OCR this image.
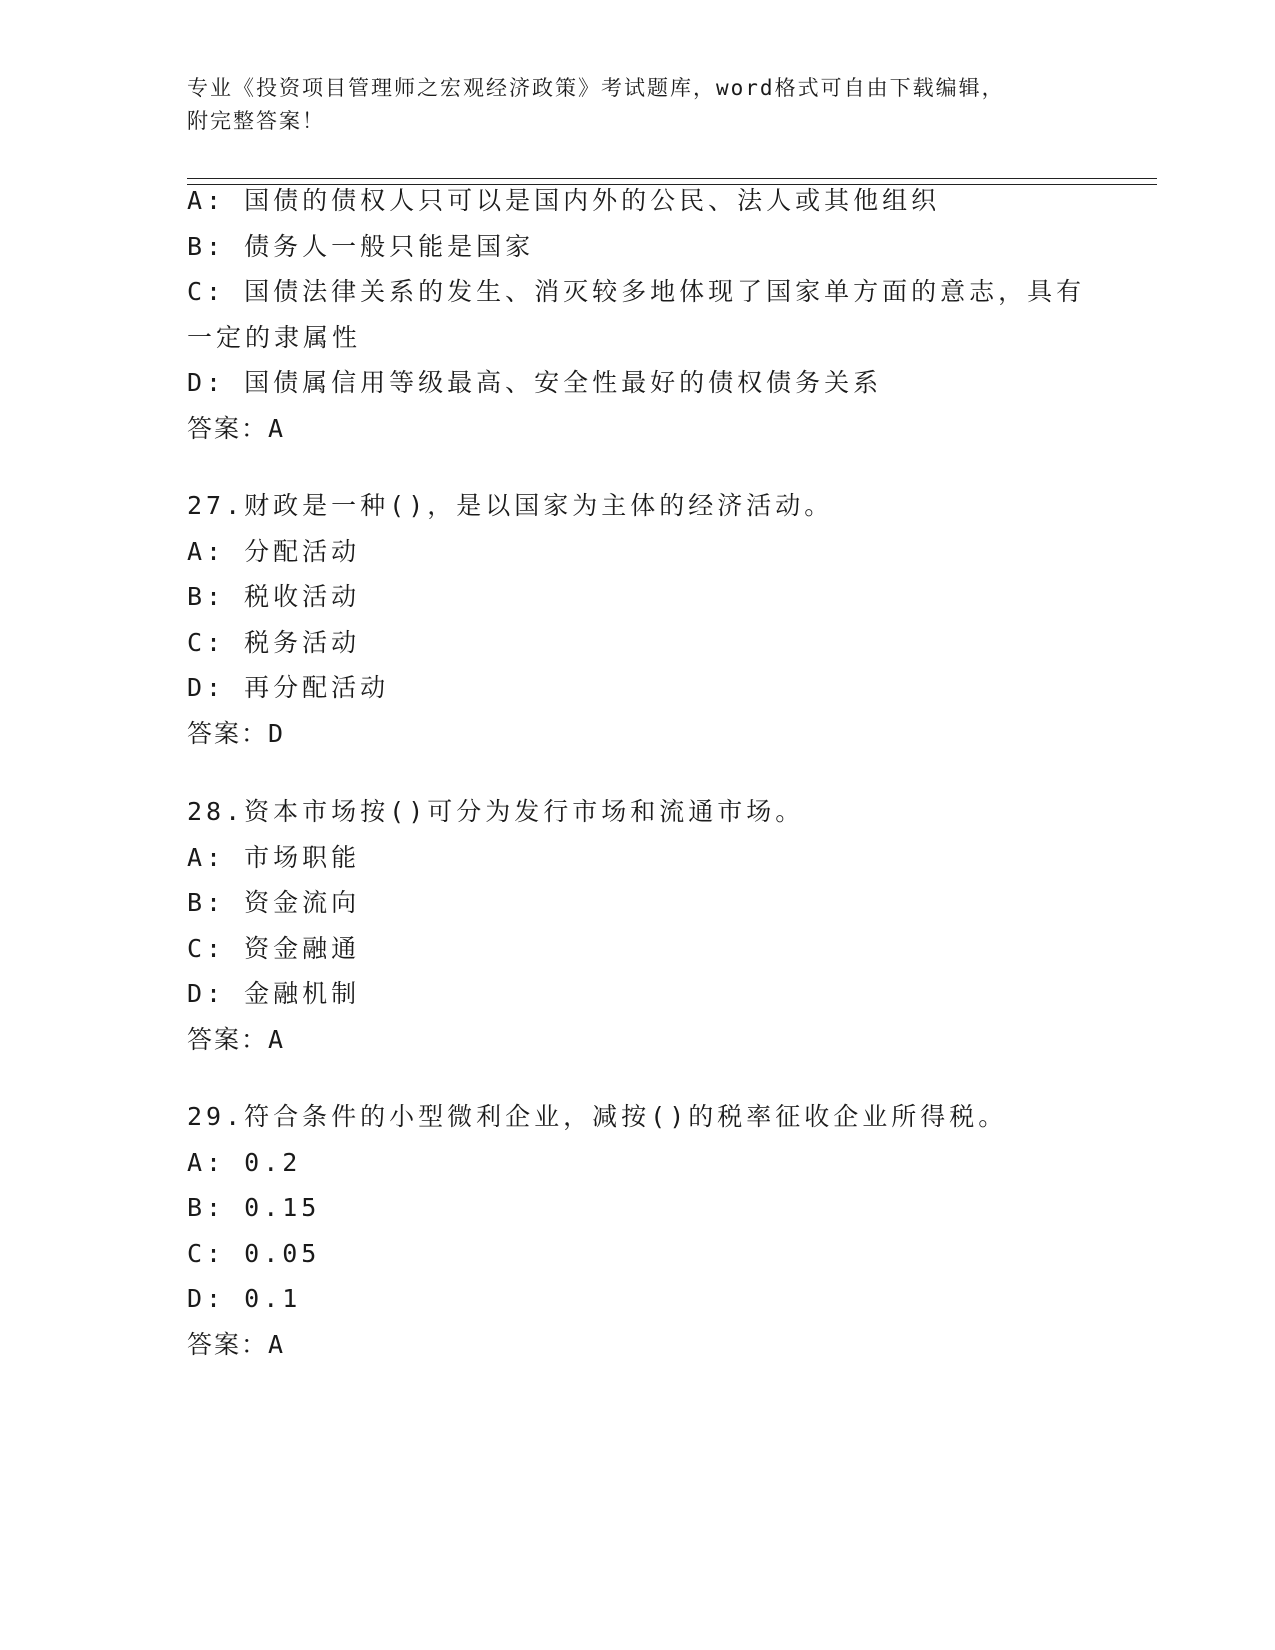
专业《投资项目管理师之宏观经济政策》考试题库，word格式可自由下载编辑，
附完整答案！
A: 国债的债权人只可以是国内外的公民、法人或其他组织
B: 债务人一般只能是国家
C: 国债法律关系的发生、消灭较多地体现了国家单方面的意志，具有
一定的隶属性
D: 国债属信用等级最高、安全性最好的债权债务关系
答案：A
27.财政是一种()，是以国家为主体的经济活动。
A: 分配活动
B: 税收活动
C: 税务活动
D: 再分配活动
答案：D
28.资本市场按()可分为发行市场和流通市场。
A: 市场职能
B: 资金流向
C: 资金融通
D: 金融机制
答案：A
29.符合条件的小型微利企业，减按()的税率征收企业所得税。
A: 0.2
B: 0.15
C: 0.05
D: 0.1
答案：A
